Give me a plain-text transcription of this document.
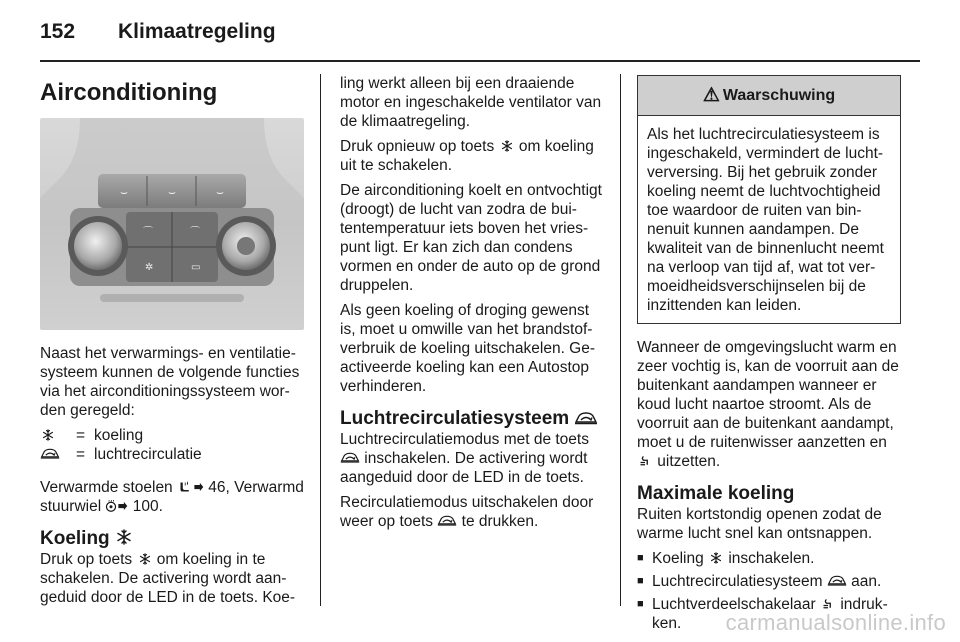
152 Klimaatregeling
Airconditioning
⌣	⌣	⌣
⌒	⌒
✲	▭

Naast het verwarmings- en ventilatiesysteem kunnen de volgende functies via het airconditioningssysteem worden geregeld:

= koeling
= luchtrecirculatie

Verwarmde stoelen  46, Verwarmd stuurwiel  100.

Koeling

Druk op toets  om koeling in te schakelen. De activering wordt aangeduid door de LED in de toets. Koe-

ling werkt alleen bij een draaiende motor en ingeschakelde ventilator van de klimaatregeling.

Druk opnieuw op toets  om koeling uit te schakelen.

De airconditioning koelt en ontvochtigt (droogt) de lucht van zodra de buitentemperatuur iets boven het vriespunt ligt. Er kan zich dan condens vormen en onder de auto op de grond druppelen.

Als geen koeling of droging gewenst is, moet u omwille van het brandstofverbruik de koeling uitschakelen. Geactiveerde koeling kan een Autostop verhinderen.

Luchtrecirculatiesysteem

Luchtrecirculatiemodus met de toets  inschakelen. De activering wordt aangeduid door de LED in de toets.

Recirculatiemodus uitschakelen door weer op toets  te drukken.

⚠ Waarschuwing
Als het luchtrecirculatiesysteem is ingeschakeld, vermindert de luchtverversing. Bij het gebruik zonder koeling neemt de luchtvochtigheid toe waardoor de ruiten van binnenuit kunnen aandampen. De kwaliteit van de binnenlucht neemt na verloop van tijd af, wat tot vermoeidheidsverschijnselen bij de inzittenden kan leiden.

Wanneer de omgevingslucht warm en zeer vochtig is, kan de voorruit aan de buitenkant aandampen wanneer er koud lucht naartoe stroomt. Als de voorruit aan de buitenkant aandampt, moet u de ruitenwisser aanzetten en  uitzetten.

Maximale koeling

Ruiten kortstondig openen zodat de warme lucht snel kan ontsnappen.

■ Koeling  inschakelen.
■ Luchtrecirculatiesysteem  aan.
■ Luchtverdeelschakelaar  indrukken.	carmanualsonline.info
